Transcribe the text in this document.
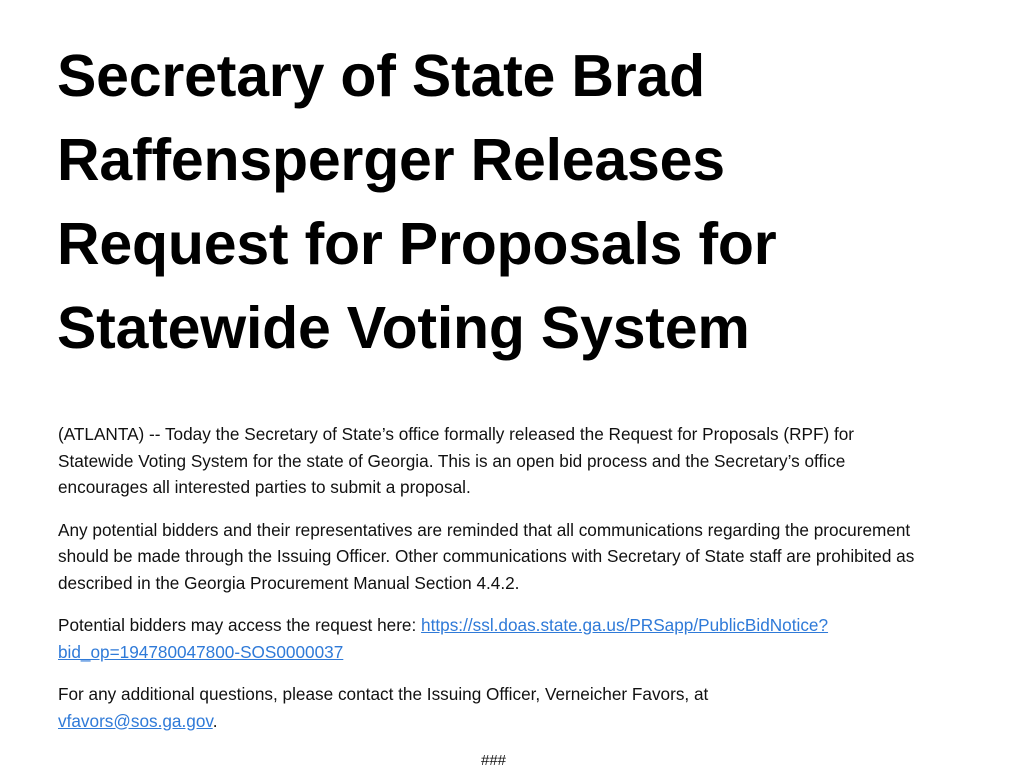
Secretary of State Brad Raffensperger Releases Request for Proposals for Statewide Voting System

(ATLANTA) -- Today the Secretary of State’s office formally released the Request for Proposals (RPF) for Statewide Voting System for the state of Georgia. This is an open bid process and the Secretary’s office encourages all interested parties to submit a proposal.

Any potential bidders and their representatives are reminded that all communications regarding the procurement should be made through the Issuing Officer. Other communications with Secretary of State staff are prohibited as described in the Georgia Procurement Manual Section 4.4.2.

Potential bidders may access the request here: https://ssl.doas.state.ga.us/PRSapp/PublicBidNotice?bid_op=194780047800-SOS0000037

For any additional questions, please contact the Issuing Officer, Verneicher Favors, at
vfavors@sos.ga.gov.

###
